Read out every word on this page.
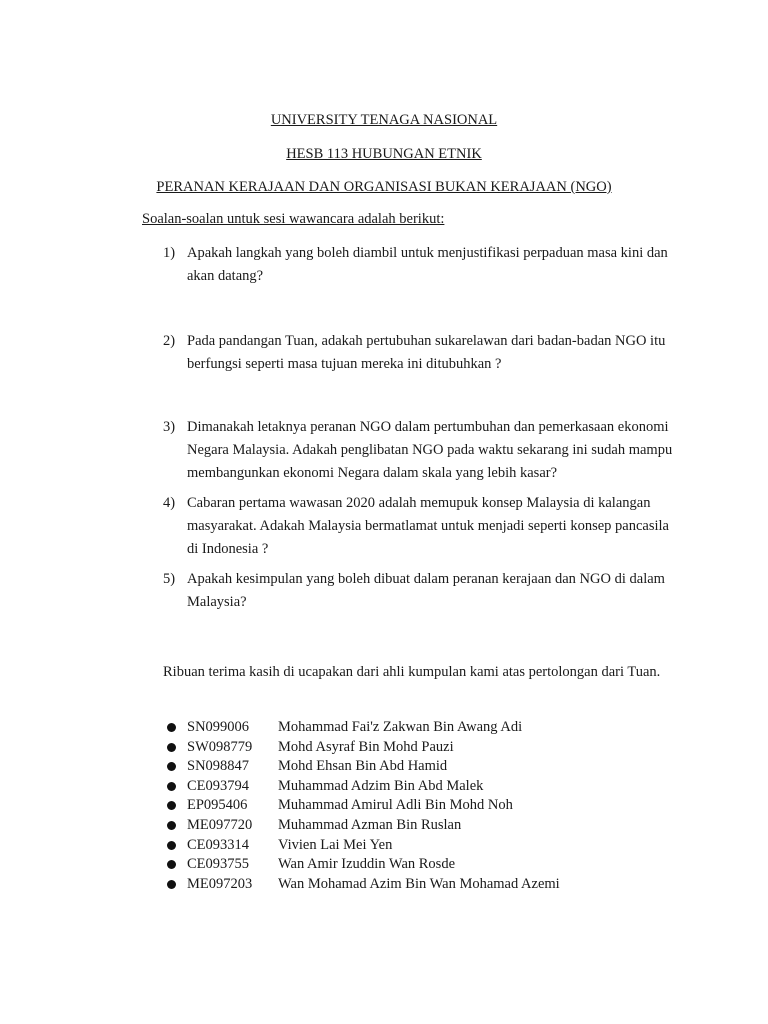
UNIVERSITY TENAGA NASIONAL
HESB 113 HUBUNGAN ETNIK
PERANAN KERAJAAN DAN ORGANISASI BUKAN KERAJAAN (NGO)
Soalan-soalan untuk sesi wawancara adalah berikut:
1) Apakah langkah yang boleh diambil untuk menjustifikasi perpaduan masa kini dan akan datang?
2) Pada pandangan Tuan, adakah pertubuhan sukarelawan dari badan-badan NGO itu berfungsi seperti masa tujuan mereka ini ditubuhkan ?
3) Dimanakah letaknya peranan NGO dalam pertumbuhan dan pemerkasaan ekonomi Negara Malaysia. Adakah penglibatan NGO pada waktu sekarang ini sudah mampu membangunkan ekonomi Negara dalam skala yang lebih kasar?
4) Cabaran pertama wawasan 2020 adalah memupuk konsep Malaysia di kalangan masyarakat. Adakah Malaysia bermatlamat untuk menjadi seperti konsep pancasila di Indonesia ?
5) Apakah kesimpulan yang boleh dibuat dalam peranan kerajaan dan NGO di dalam Malaysia?
Ribuan terima kasih di ucapakan dari ahli kumpulan kami atas pertolongan dari Tuan.
SN099006 Mohammad Fai'z Zakwan Bin Awang Adi
SW098779 Mohd Asyraf Bin Mohd Pauzi
SN098847 Mohd Ehsan Bin Abd Hamid
CE093794 Muhammad Adzim Bin Abd Malek
EP095406 Muhammad Amirul Adli Bin Mohd Noh
ME097720 Muhammad Azman Bin Ruslan
CE093314 Vivien Lai Mei Yen
CE093755 Wan Amir Izuddin Wan Rosde
ME097203 Wan Mohamad Azim Bin Wan Mohamad Azemi
